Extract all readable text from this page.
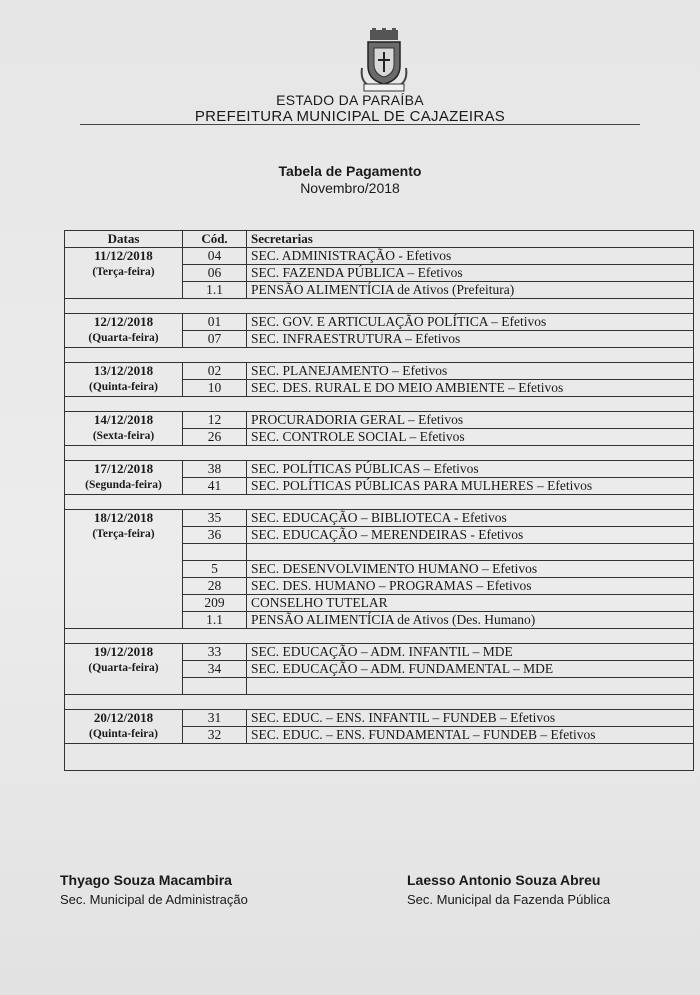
ESTADO DA PARAÍBA
PREFEITURA MUNICIPAL DE CAJAZEIRAS
Tabela de Pagamento
Novembro/2018
Datas	Cód.	Secretarias
11/12/2018
(Terça-feira)	04	SEC. ADMINISTRAÇÃO - Efetivos
	06	SEC. FAZENDA PÚBLICA – Efetivos
	1.1	PENSÃO ALIMENTÍCIA de Ativos (Prefeitura)

12/12/2018
(Quarta-feira)	01	SEC. GOV. E ARTICULAÇÃO POLÍTICA – Efetivos
	07	SEC. INFRAESTRUTURA – Efetivos

13/12/2018
(Quinta-feira)	02	SEC. PLANEJAMENTO – Efetivos
	10	SEC. DES. RURAL E DO MEIO AMBIENTE – Efetivos

14/12/2018
(Sexta-feira)	12	PROCURADORIA GERAL – Efetivos
	26	SEC. CONTROLE SOCIAL – Efetivos

17/12/2018
(Segunda-feira)	38	SEC. POLÍTICAS PÚBLICAS – Efetivos
	41	SEC. POLÍTICAS PÚBLICAS PARA MULHERES – Efetivos

18/12/2018
(Terça-feira)	35	SEC. EDUCAÇÃO – BIBLIOTECA - Efetivos
	36	SEC. EDUCAÇÃO – MERENDEIRAS - Efetivos

	5	SEC. DESENVOLVIMENTO HUMANO – Efetivos
	28	SEC. DES. HUMANO – PROGRAMAS – Efetivos
	209	CONSELHO TUTELAR
	1.1	PENSÃO ALIMENTÍCIA de Ativos (Des. Humano)

19/12/2018
(Quarta-feira)	33	SEC. EDUCAÇÃO – ADM. INFANTIL – MDE
	34	SEC. EDUCAÇÃO – ADM. FUNDAMENTAL – MDE

20/12/2018
(Quinta-feira)	31	SEC. EDUC. – ENS. INFANTIL – FUNDEB – Efetivos
	32	SEC. EDUC. – ENS. FUNDAMENTAL – FUNDEB – Efetivos

Thyago Souza Macambira
Sec. Municipal de Administração
Laesso Antonio Souza Abreu
Sec. Municipal da Fazenda Pública
